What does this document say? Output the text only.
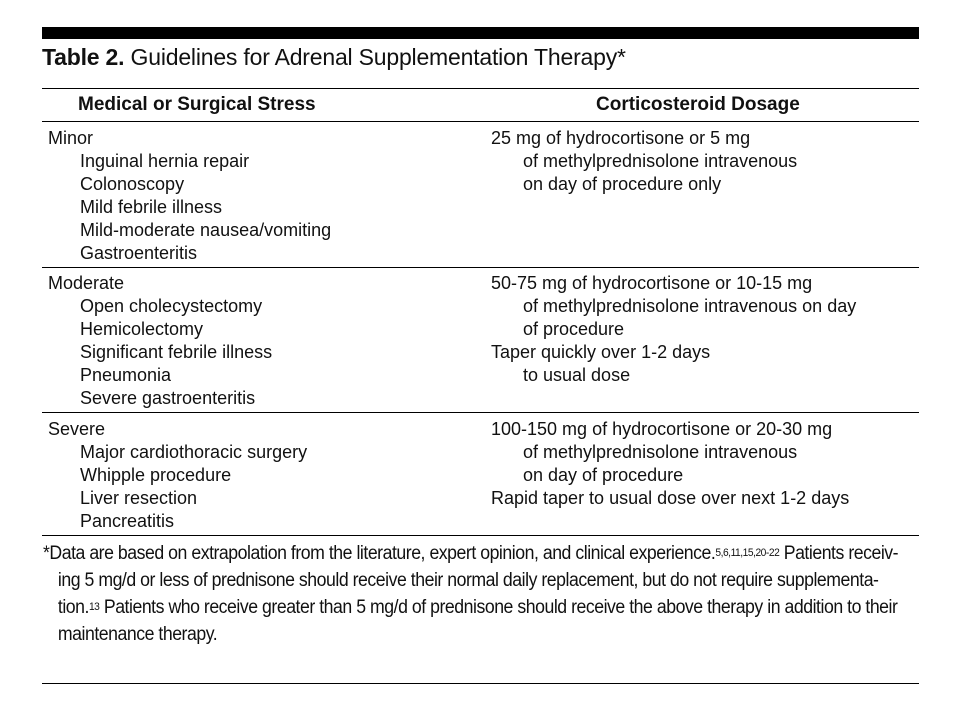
Table 2. Guidelines for Adrenal Supplementation Therapy*
Medical or Surgical Stress	Corticosteroid Dosage
Minor
Inguinal hernia repair
Colonoscopy
Mild febrile illness
Mild-moderate nausea/vomiting
Gastroenteritis
25 mg of hydrocortisone or 5 mg
of methylprednisolone intravenous
on day of procedure only
Moderate
Open cholecystectomy
Hemicolectomy
Significant febrile illness
Pneumonia
Severe gastroenteritis
50-75 mg of hydrocortisone or 10-15 mg
of methylprednisolone intravenous on day
of procedure
Taper quickly over 1-2 days
to usual dose
Severe
Major cardiothoracic surgery
Whipple procedure
Liver resection
Pancreatitis
100-150 mg of hydrocortisone or 20-30 mg
of methylprednisolone intravenous
on day of procedure
Rapid taper to usual dose over next 1-2 days
*Data are based on extrapolation from the literature, expert opinion, and clinical experience.$^{5,6,11,15,20-22}$ Patients receiv-
ing 5 mg/d or less of prednisone should receive their normal daily replacement, but do not require supplementa-
tion.$^{13}$ Patients who receive greater than 5 mg/d of prednisone should receive the above therapy in addition to their
maintenance therapy.
